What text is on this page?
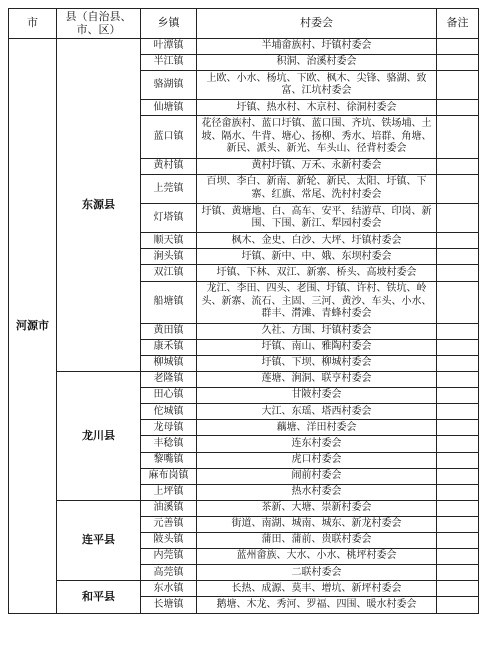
市	县（自治县、市、区）	乡镇	村委会	备注
河源市	东源县	叶潭镇	半埔畲族村、圩镇村委会	
		半江镇	积洞、治溪村委会	
		骆湖镇	上欧、小水、杨坑、下欧、枫木、尖锋、骆湖、致富、江坑村委会	
		仙塘镇	圩镇、热水村、木京村、徐洞村委会	
		蓝口镇	花径畲族村、蓝口圩镇、蓝口围、齐坑、铁场埔、土坡、隔水、牛背、塘心、扬柳、秀水、培群、角塘、新民、派头、新光、车头山、径背村委会	
		黄村镇	黄村圩镇、万禾、永新村委会	
		上莞镇	百坝、李白、新南、新轮、新民、太阳、圩镇、下寨、红旗、常尾、洗村村委会	
		灯塔镇	圩镇、黄塘地、白、高车、安平、结游草、印岗、新围、下围、新江、犁园村委会	
		顺天镇	枫木、金史、白沙、大坪、圩镇村委会	
		涧头镇	圩镇、新中、中、娥、东坝村委会	
		双江镇	圩镇、下林、双江、新寨、桥头、高坡村委会	
		船塘镇	龙江、李田、四头、老围、圩镇、许村、铁坑、岭头、新寨、流石、主固、三河、黄沙、车头、小水、群丰、潸滩、青蜂村委会	
		黄田镇	久社、方围、圩镇村委会	
		康禾镇	圩镇、南山、雅陶村委会	
		柳城镇	圩镇、下坝、柳城村委会	
	龙川县	老隆镇	莲塘、涧洞、联亨村委会	
		田心镇	甘陂村委会	
		佗城镇	大江、东瑶、塔西村委会	
		龙母镇	藕塘、洋田村委会	
		丰稔镇	连东村委会	
		黎嘴镇	虎口村委会	
		麻布岗镇	闹前村委会	
		上坪镇	热水村委会	
	连平县	油溪镇	茶新、大塘、崇新村委会	
		元善镇	街道、南湖、城南、城东、新龙村委会	
		陂头镇	蒲田、蒲前、贵联村委会	
		内莞镇	蓝州畲族、大水、小水、桃坪村委会	
		高莞镇	二联村委会	
	和平县	东水镇	长热、成源、莫丰、增坑、新坪村委会	
		长塘镇	鹅塘、木龙、秀河、罗福、四围、暖水村委会	
